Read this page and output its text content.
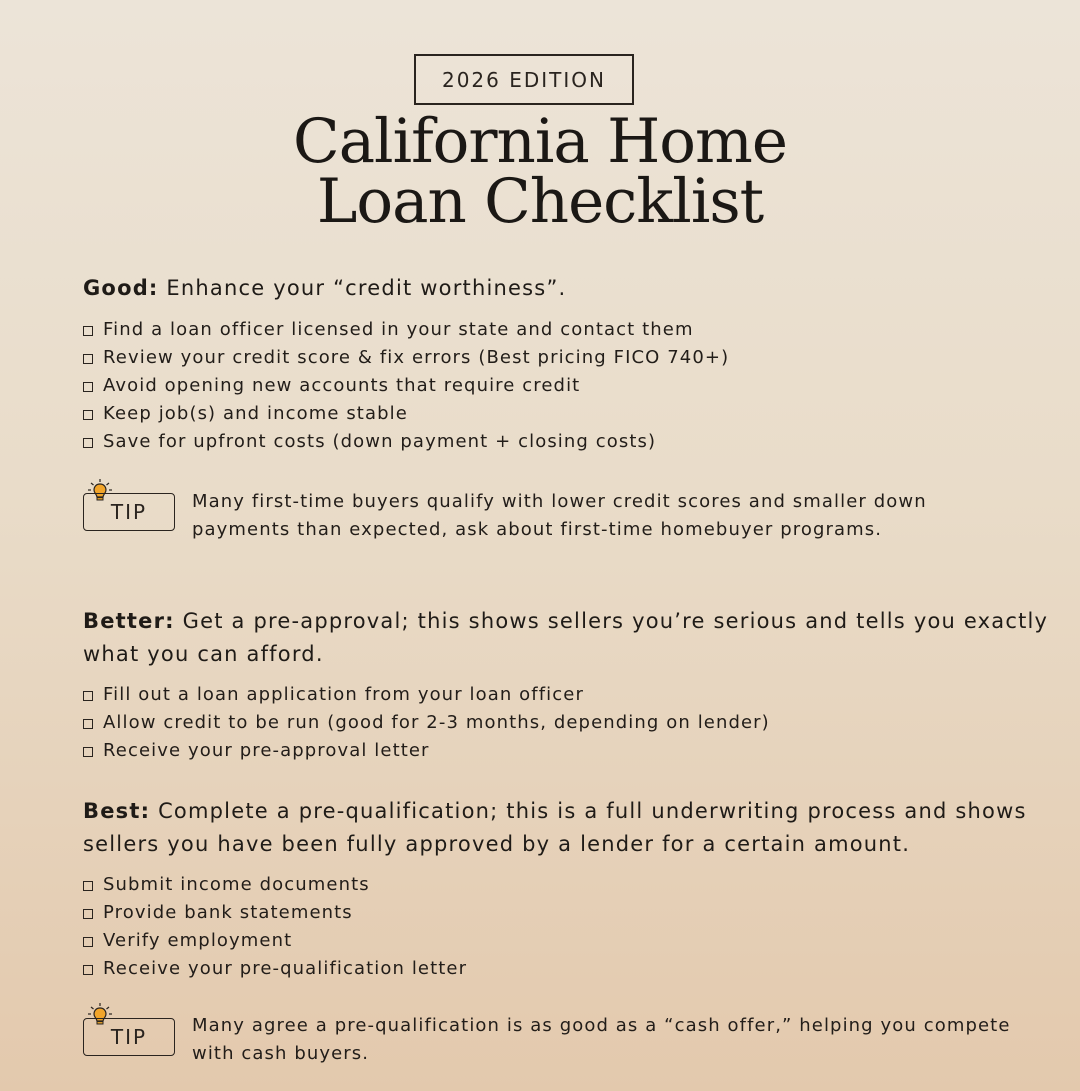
2026 EDITION
California Home
Loan Checklist
Good: Enhance your “credit worthiness”.
Find a loan officer licensed in your state and contact them
Review your credit score & fix errors (Best pricing FICO 740+)
Avoid opening new accounts that require credit
Keep job(s) and income stable
Save for upfront costs (down payment + closing costs)
TIP	Many first-time buyers qualify with lower credit scores and smaller down payments than expected, ask about first-time homebuyer programs.
Better: Get a pre-approval; this shows sellers you’re serious and tells you exactly what you can afford.
Fill out a loan application from your loan officer
Allow credit to be run (good for 2-3 months, depending on lender)
Receive your pre-approval letter
Best: Complete a pre-qualification; this is a full underwriting process and shows sellers you have been fully approved by a lender for a certain amount.
Submit income documents
Provide bank statements
Verify employment
Receive your pre-qualification letter
TIP	Many agree a pre-qualification is as good as a “cash offer,” helping you compete with cash buyers.
